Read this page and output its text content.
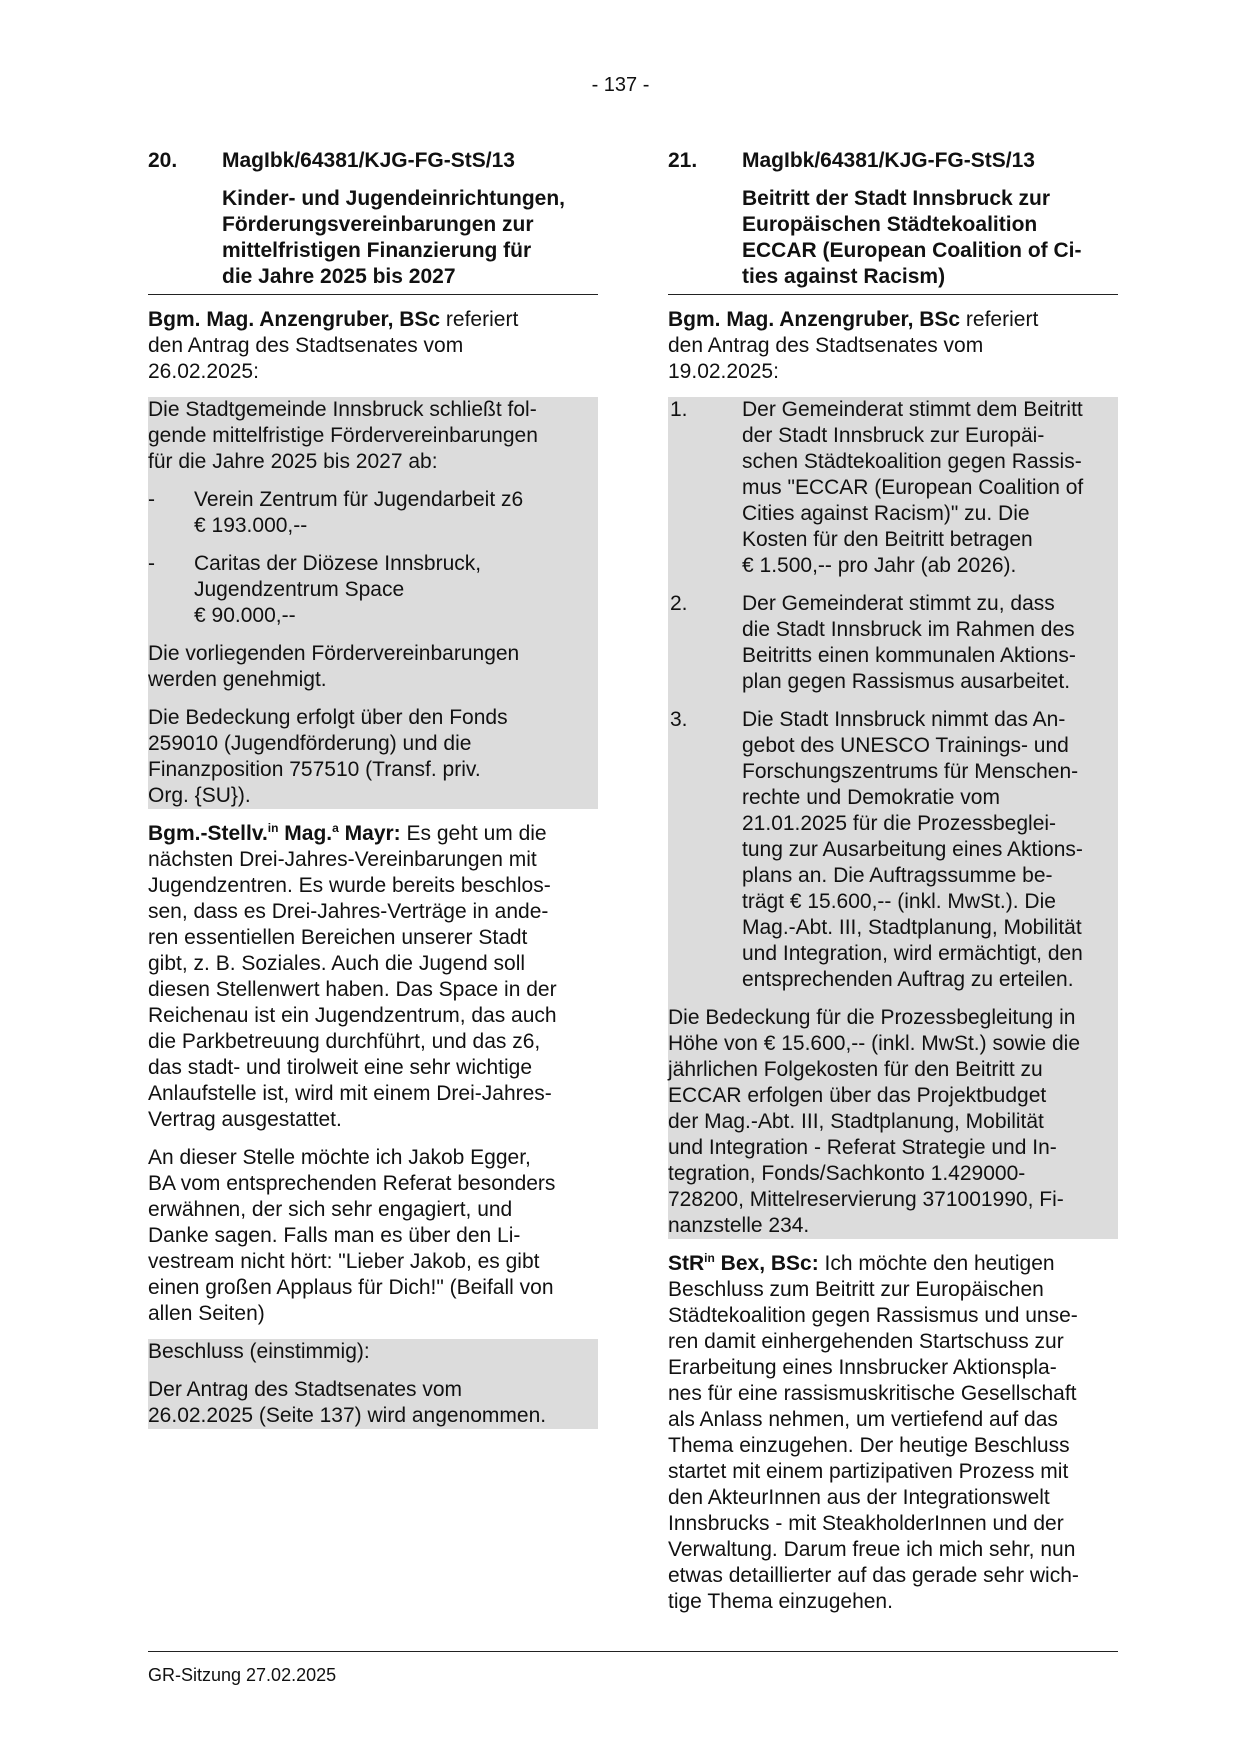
- 137 -
20.	MagIbk/64381/KJG-FG-StS/13
Kinder- und Jugendeinrichtungen,
Förderungsvereinbarungen zur
mittelfristigen Finanzierung für
die Jahre 2025 bis 2027
Bgm. Mag. Anzengruber, BSc referiert
den Antrag des Stadtsenates vom
26.02.2025:
Die Stadtgemeinde Innsbruck schließt fol-
gende mittelfristige Fördervereinbarungen
für die Jahre 2025 bis 2027 ab:
-	Verein Zentrum für Jugendarbeit z6
€ 193.000,--
-	Caritas der Diözese Innsbruck,
Jugendzentrum Space
€ 90.000,--
Die vorliegenden Fördervereinbarungen
werden genehmigt.
Die Bedeckung erfolgt über den Fonds
259010 (Jugendförderung) und die
Finanzposition 757510 (Transf. priv.
Org. {SU}).
Bgm.-Stellv.$^{in}$ Mag.$^a$ Mayr: Es geht um die
nächsten Drei-Jahres-Vereinbarungen mit
Jugendzentren. Es wurde bereits beschlos-
sen, dass es Drei-Jahres-Verträge in ande-
ren essentiellen Bereichen unserer Stadt
gibt, z. B. Soziales. Auch die Jugend soll
diesen Stellenwert haben. Das Space in der
Reichenau ist ein Jugendzentrum, das auch
die Parkbetreuung durchführt, und das z6,
das stadt- und tirolweit eine sehr wichtige
Anlaufstelle ist, wird mit einem Drei-Jahres-
Vertrag ausgestattet.
An dieser Stelle möchte ich Jakob Egger,
BA vom entsprechenden Referat besonders
erwähnen, der sich sehr engagiert, und
Danke sagen. Falls man es über den Li-
vestream nicht hört: "Lieber Jakob, es gibt
einen großen Applaus für Dich!" (Beifall von
allen Seiten)
Beschluss (einstimmig):
Der Antrag des Stadtsenates vom
26.02.2025 (Seite 137) wird angenommen.
21.	MagIbk/64381/KJG-FG-StS/13
Beitritt der Stadt Innsbruck zur
Europäischen Städtekoalition
ECCAR (European Coalition of Ci-
ties against Racism)
Bgm. Mag. Anzengruber, BSc referiert
den Antrag des Stadtsenates vom
19.02.2025:
1.	Der Gemeinderat stimmt dem Beitritt
der Stadt Innsbruck zur Europäi-
schen Städtekoalition gegen Rassis-
mus "ECCAR (European Coalition of
Cities against Racism)" zu. Die
Kosten für den Beitritt betragen
€ 1.500,-- pro Jahr (ab 2026).
2.	Der Gemeinderat stimmt zu, dass
die Stadt Innsbruck im Rahmen des
Beitritts einen kommunalen Aktions-
plan gegen Rassismus ausarbeitet.
3.	Die Stadt Innsbruck nimmt das An-
gebot des UNESCO Trainings- und
Forschungszentrums für Menschen-
rechte und Demokratie vom
21.01.2025 für die Prozessbeglei-
tung zur Ausarbeitung eines Aktions-
plans an. Die Auftragssumme be-
trägt € 15.600,-- (inkl. MwSt.). Die
Mag.-Abt. III, Stadtplanung, Mobilität
und Integration, wird ermächtigt, den
entsprechenden Auftrag zu erteilen.
Die Bedeckung für die Prozessbegleitung in
Höhe von € 15.600,-- (inkl. MwSt.) sowie die
jährlichen Folgekosten für den Beitritt zu
ECCAR erfolgen über das Projektbudget
der Mag.-Abt. III, Stadtplanung, Mobilität
und Integration - Referat Strategie und In-
tegration, Fonds/Sachkonto 1.429000-
728200, Mittelreservierung 371001990, Fi-
nanzstelle 234.
StR$^{in}$ Bex, BSc: Ich möchte den heutigen
Beschluss zum Beitritt zur Europäischen
Städtekoalition gegen Rassismus und unse-
ren damit einhergehenden Startschuss zur
Erarbeitung eines Innsbrucker Aktionspla-
nes für eine rassismuskritische Gesellschaft
als Anlass nehmen, um vertiefend auf das
Thema einzugehen. Der heutige Beschluss
startet mit einem partizipativen Prozess mit
den AkteurInnen aus der Integrationswelt
Innsbrucks - mit SteakholderInnen und der
Verwaltung. Darum freue ich mich sehr, nun
etwas detaillierter auf das gerade sehr wich-
tige Thema einzugehen.
GR-Sitzung 27.02.2025
